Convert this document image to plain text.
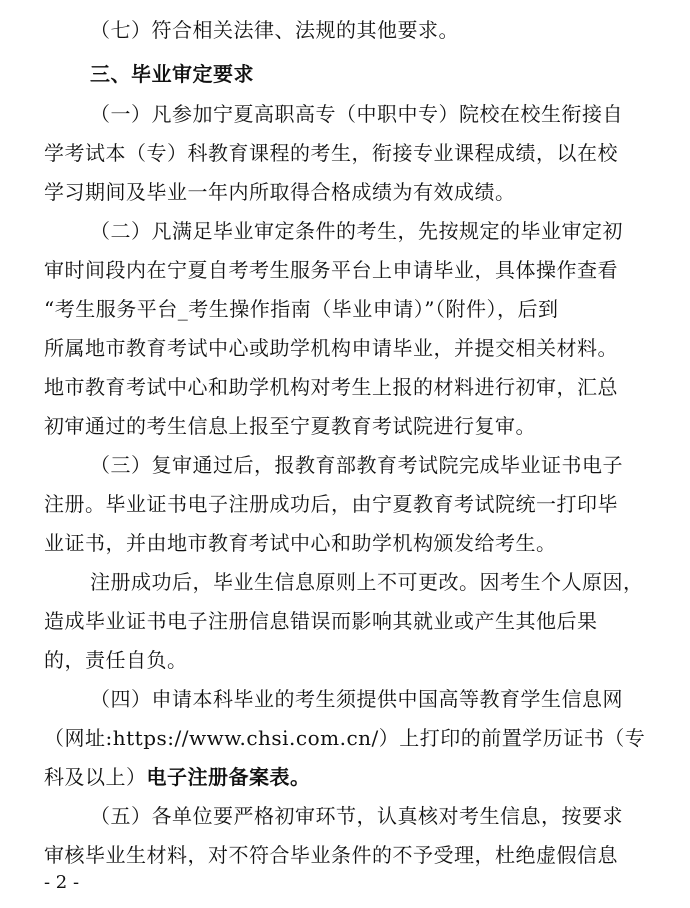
（七）符合相关法律、法规的其他要求。
三、毕业审定要求
（一）凡参加宁夏高职高专（中职中专）院校在校生衔接自
学考试本（专）科教育课程的考生，衔接专业课程成绩，以在校
学习期间及毕业一年内所取得合格成绩为有效成绩。
（二）凡满足毕业审定条件的考生，先按规定的毕业审定初
审时间段内在宁夏自考考生服务平台上申请毕业，具体操作查看
“考生服务平台_考生操作指南（毕业申请）”（附件），后到
所属地市教育考试中心或助学机构申请毕业，并提交相关材料。
地市教育考试中心和助学机构对考生上报的材料进行初审，汇总
初审通过的考生信息上报至宁夏教育考试院进行复审。
（三）复审通过后，报教育部教育考试院完成毕业证书电子
注册。毕业证书电子注册成功后，由宁夏教育考试院统一打印毕
业证书，并由地市教育考试中心和助学机构颁发给考生。
注册成功后，毕业生信息原则上不可更改。因考生个人原因，
造成毕业证书电子注册信息错误而影响其就业或产生其他后果
的，责任自负。
（四）申请本科毕业的考生须提供中国高等教育学生信息网
（网址:https://www.chsi.com.cn/）上打印的前置学历证书（专
科及以上）电子注册备案表。
（五）各单位要严格初审环节，认真核对考生信息，按要求
审核毕业生材料，对不符合毕业条件的不予受理，杜绝虚假信息
- 2 -
